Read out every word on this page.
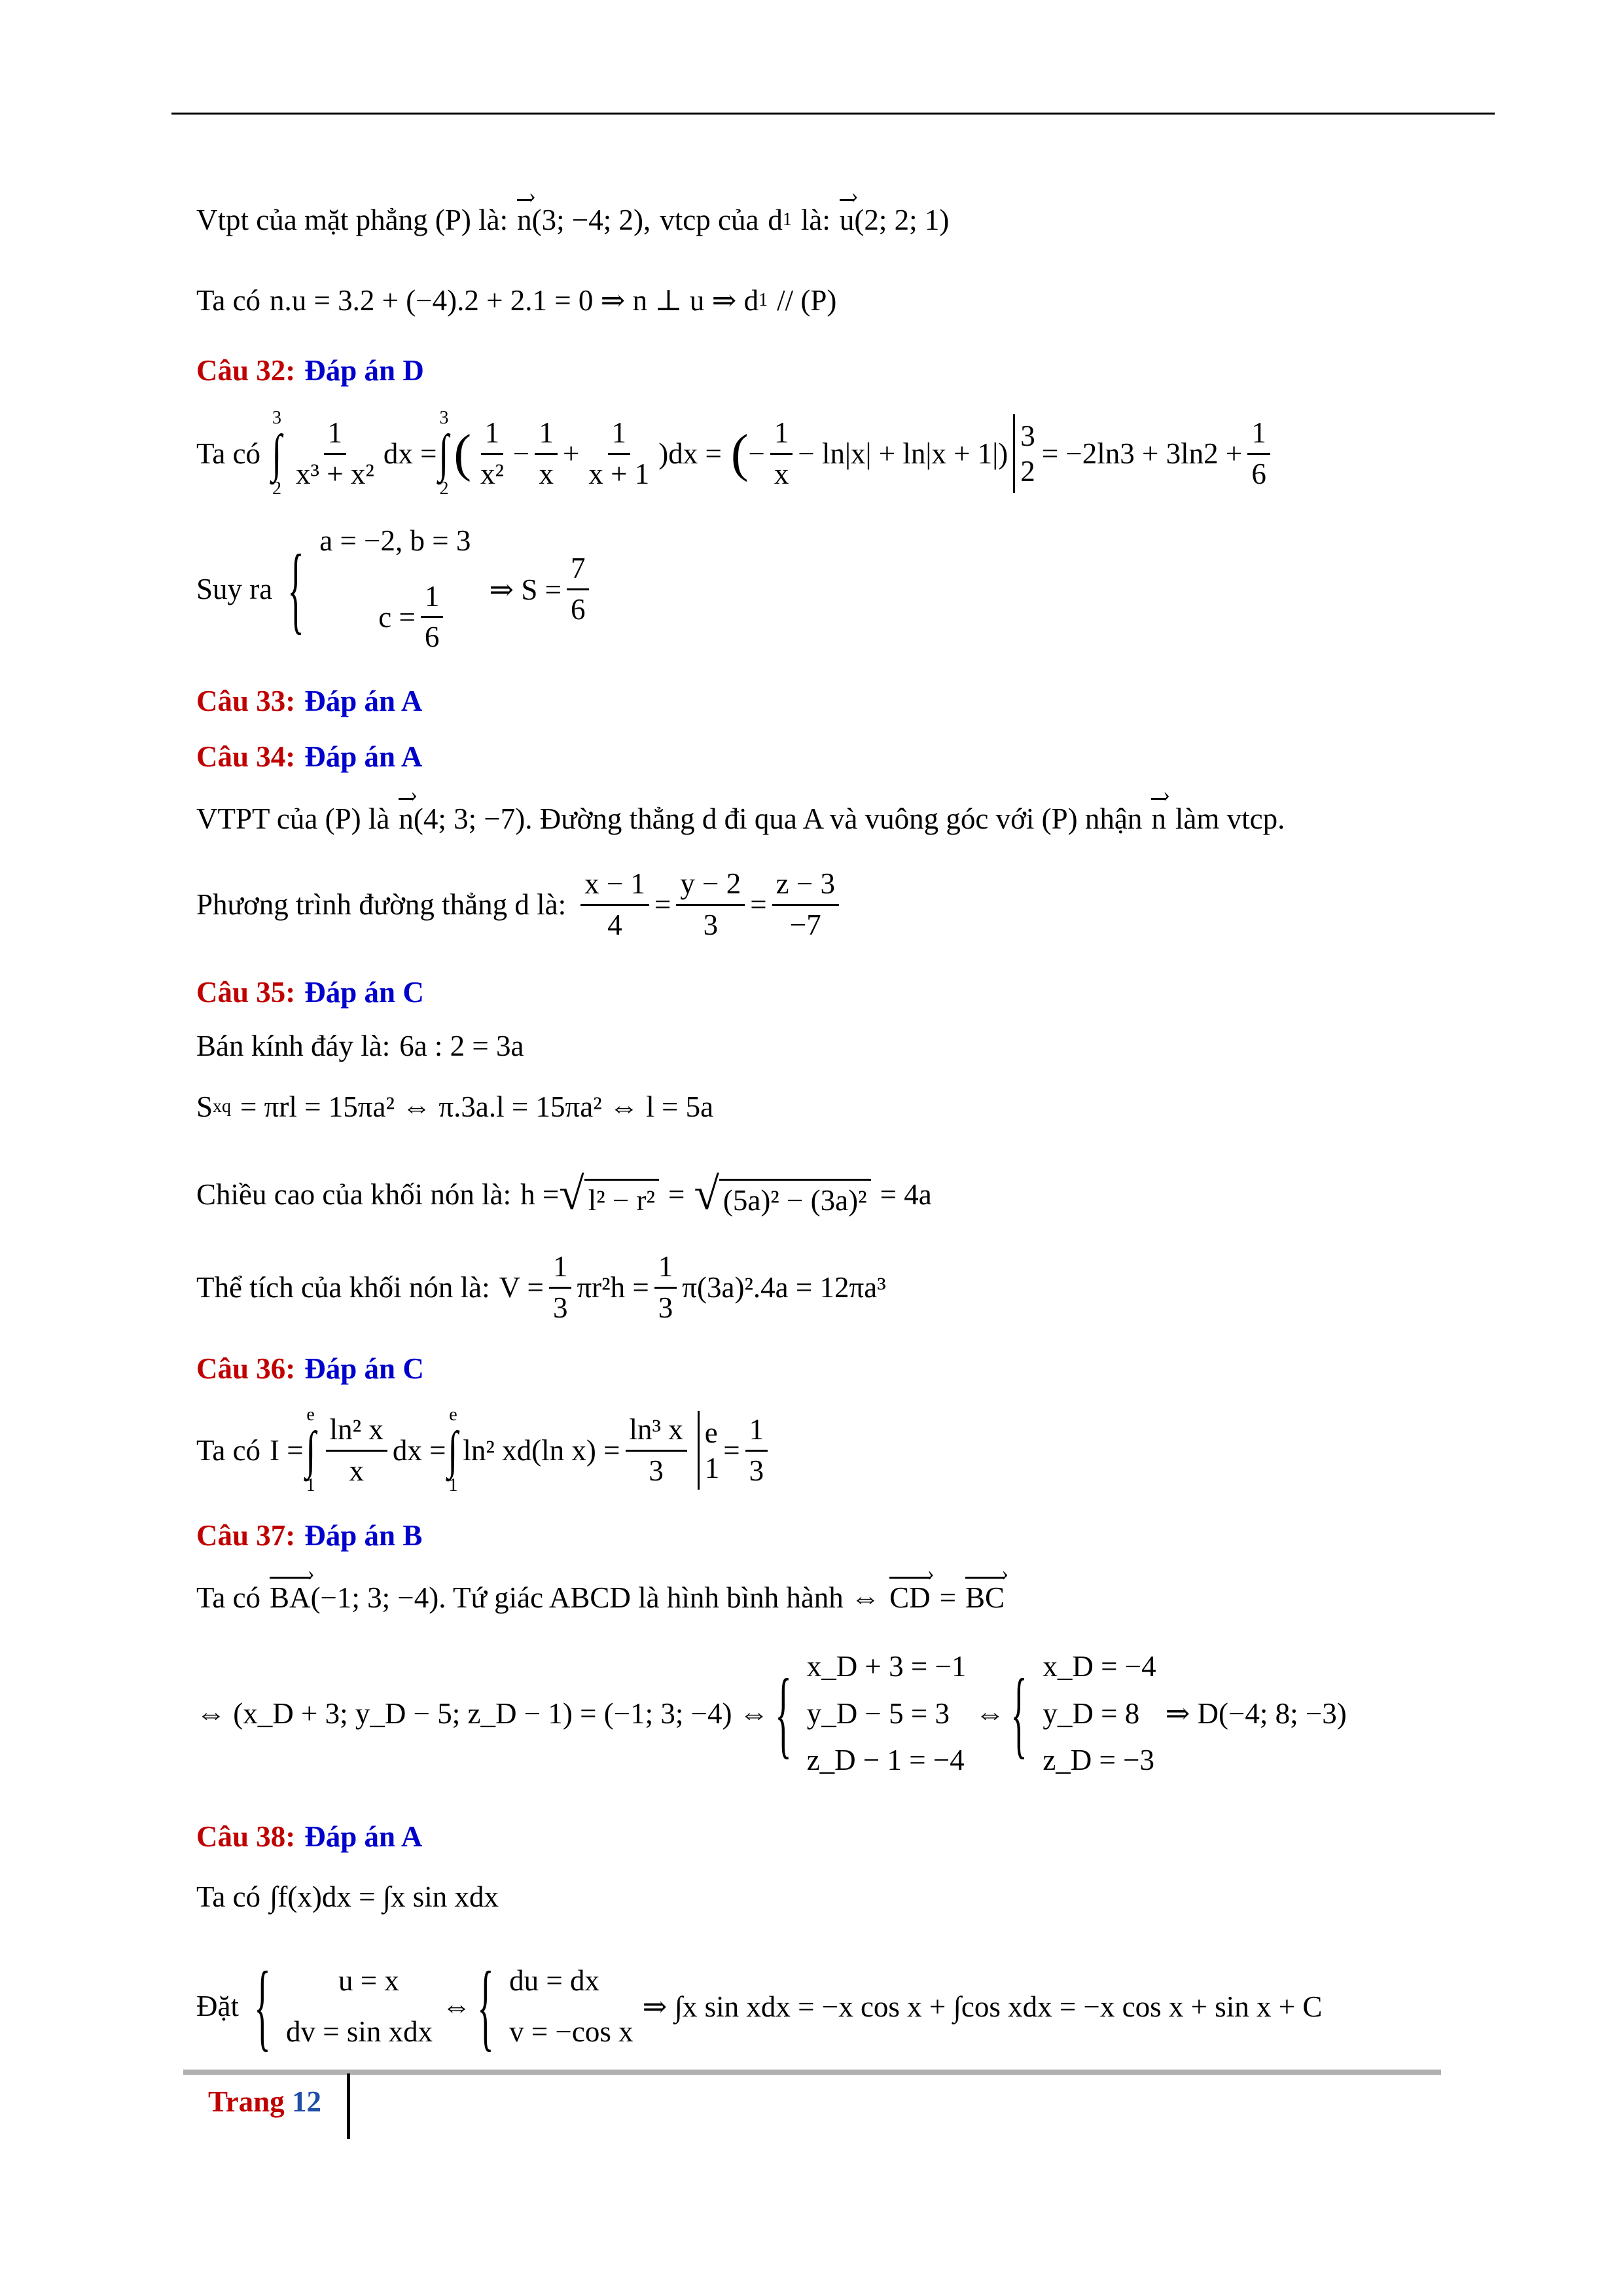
Vtpt của mặt phẳng (P) là: n › (3; −4; 2), vtcp của d 1 là: u › (2; 2; 1)
Ta có n.u = 3.2 + (−4).2 + 2.1 = 0 ⇒ n ⊥ u ⇒ d 1 // (P)
Câu 32: Đáp án D
Ta có
3
∫
$2 \frac{1}{\text{x³ + x²}}$ dx =
3
∫
2
( $\frac{1}{\text{x²}} - \frac{1}{x} + \frac{1}{x + 1} )dx$ = ( − $\frac{1}{x} - \ln|x| + \ln|x + 1|$)
3
2
= $-2\ln 3 + 3\ln 2 + \frac{1}{6}$
Suy ra { a = −2, b = 3
$c = \frac{1}{6}$ ⇒ $S = \frac{7}{6}$
Câu 33: Đáp án A
Câu 34: Đáp án A
VTPT của (P) là n › (4; 3; −7) . Đường thẳng d đi qua A và vuông góc với (P) nhận n › làm vtcp.
Phương trình đường thẳng d là: $\frac{x - 1}{4} = \frac{y - 2}{3} = \frac{z - 3}{-7}$
Câu 35: Đáp án C
Bán kính đáy là: 6a : 2 = 3a
S xq = πrl = 15πa² ⇔ π.3a.l = 15πa² ⇔ l = 5a
Chiều cao của khối nón là: h = √ l² − r² = √ (5a)² − (3a)² = 4a
Thể tích của khối nón là: $V = \frac{1}{3} \pi r^2h = \frac{1}{3} \pi(3a)^2.4a = 12\pi a^3$
Câu 36: Đáp án C
Ta có I =
e
∫
$1 \frac{\text{ln² x}}{x}$ dx =
e
∫
1
ln² xd(ln $x) = \frac{\text{ln³ x}}{3}$ e
1
= $\frac{1}{3}$
Câu 37: Đáp án B
Ta có BA › (−1; 3; −4) . Tứ giác ABCD là hình bình hành ⇔ CD › = BC ›
⇔ (x_D + 3; y_D − 5; z_D − 1) = (−1; 3; −4) ⇔ { x_D + 3 = −1
y_D − 5 = 3
z_D − 1 = −4
⇔ { x_D = −4
y_D = 8
z_D = −3
⇒ D(−4; 8; −3)
Câu 38: Đáp án A
Ta có ∫f(x)dx = ∫x sin xdx
Đặt { u = x
dv = sin xdx
⇔ { du = dx
v = −cos x
⇒ ∫x sin xdx = −x cos x + ∫cos xdx = −x cos x + sin x + C
Trang 12
